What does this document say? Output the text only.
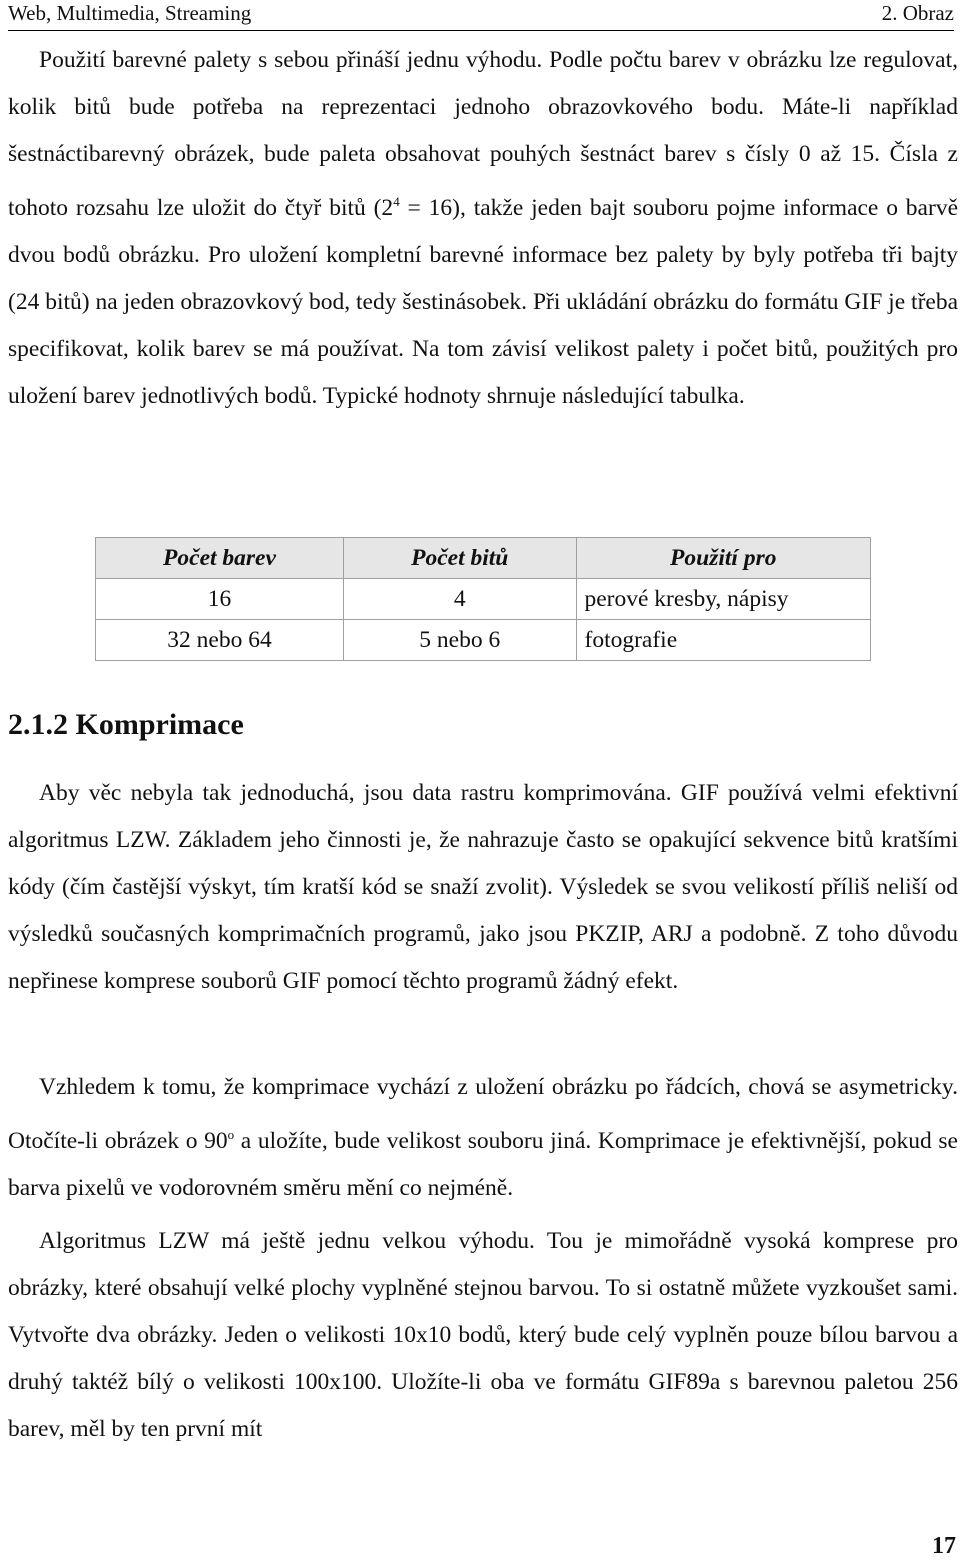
Web, Multimedia, Streaming	2. Obraz

Použití barevné palety s sebou přináší jednu výhodu. Podle počtu barev v obrázku lze regulovat, kolik bitů bude potřeba na reprezentaci jednoho obrazovkového bodu. Máte-li například šestnáctibarevný obrázek, bude paleta obsahovat pouhých šestnáct barev s čísly 0 až 15. Čísla z tohoto rozsahu lze uložit do čtyř bitů $(2^4 = 16)$, takže jeden bajt souboru pojme informace o barvě dvou bodů obrázku. Pro uložení kompletní barevné informace bez palety by byly potřeba tři bajty (24 bitů) na jeden obrazovkový bod, tedy šestinásobek. Při ukládání obrázku do formátu GIF je třeba specifikovat, kolik barev se má používat. Na tom závisí velikost palety i počet bitů, použitých pro uložení barev jednotlivých bodů. Typické hodnoty shrnuje následující tabulka.

Počet barev	Počet bitů	Použití pro
16	4	perové kresby, nápisy
32 nebo 64	5 nebo 6	fotografie
2.1.2 Komprimace

Aby věc nebyla tak jednoduchá, jsou data rastru komprimována. GIF používá velmi efektivní algoritmus LZW. Základem jeho činnosti je, že nahrazuje často se opakující sekvence bitů kratšími kódy (čím častější výskyt, tím kratší kód se snaží zvolit). Výsledek se svou velikostí příliš neliší od výsledků současných komprimačních programů, jako jsou PKZIP, ARJ a podobně. Z toho důvodu nepřinese komprese souborů GIF pomocí těchto programů žádný efekt.

Vzhledem k tomu, že komprimace vychází z uložení obrázku po řádcích, chová se asymetricky. Otočíte-li obrázek o 90$^o$ a uložíte, bude velikost souboru jiná. Komprimace je efektivnější, pokud se barva pixelů ve vodorovném směru mění co nejméně.

Algoritmus LZW má ještě jednu velkou výhodu. Tou je mimořádně vysoká komprese pro obrázky, které obsahují velké plochy vyplněné stejnou barvou. To si ostatně můžete vyzkoušet sami. Vytvořte dva obrázky. Jeden o velikosti 10x10 bodů, který bude celý vyplněn pouze bílou barvou a druhý taktéž bílý o velikosti 100x100. Uložíte-li oba ve formátu GIF89a s barevnou paletou 256 barev, měl by ten první mít

17
